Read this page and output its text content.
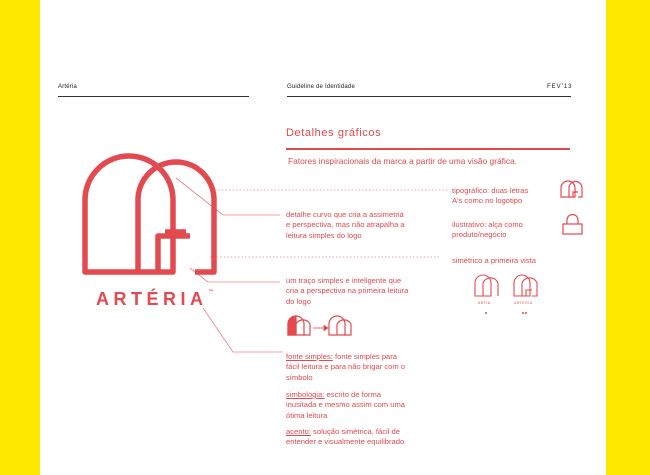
Artéria	Guideline de Identidade	FEV'13
Detalhes gráficos
Fatores inspiracionais da marca a partir de uma visão gráfica.
ARTÉRIA™
ARTIA	ARTÉRIA
detalhe curvo que cria a assimetria
e perspectiva, mas não atrapalha a
leitura simples do logo
tipográfico: duas letras
A's como no logotipo
ilustrativo: alça como
produto/negócio
simétrico a primeira vista
um traço simples e inteligente que
cria a perspectiva na primeira leitura
do logo
fonte simples: fonte simples para
fácil leitura e para não brigar com o
símbolo
simbologia: escrito de forma
inusitada e mesmo assim com uma
ótima leitura
acento: solução simétrica, fácil de
entender e visualmente equilibrado
